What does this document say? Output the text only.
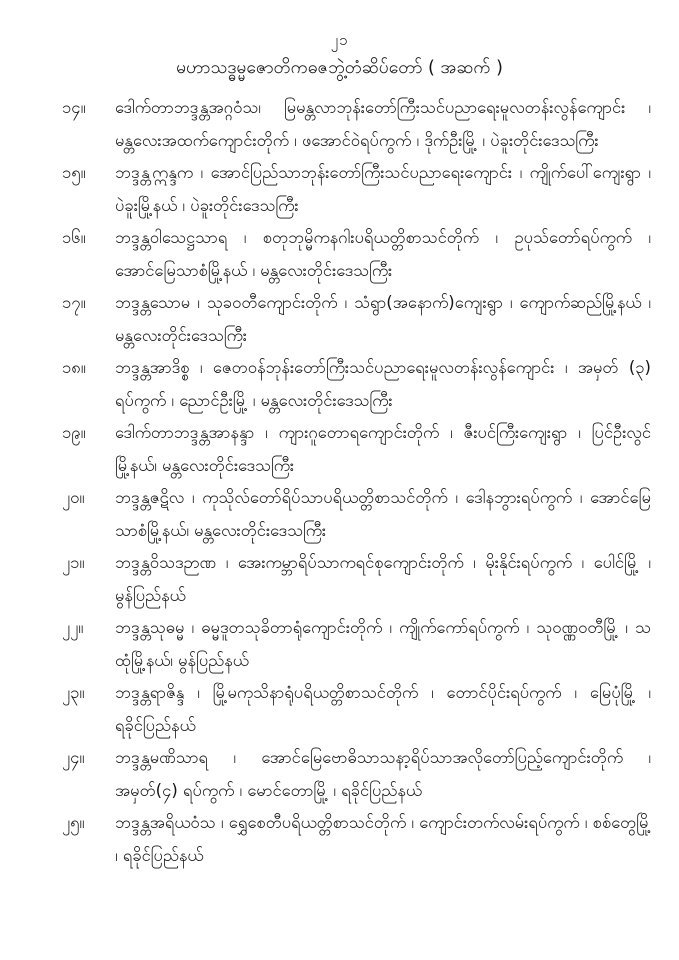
၂၁
မဟာသဒ္ဓမ္မဇောတိကဓဇဘွဲ့တံဆိပ်တော် ( အဆက် )
၁၄။	ဒေါက်တာဘဒ္ဒန္တအဂ္ဂဝံသ၊ မြမန္တလာဘုန်းတော်ကြီးသင်ပညာရေးမူလတန်းလွန်ကျောင်း ၊ မန္တလေးအထက်ကျောင်းတိုက် ၊ ဖအောင်ဝဲရပ်ကွက် ၊ ဒိုက်ဦးမြို့ ၊ ပဲခူးတိုင်းဒေသကြီး
၁၅။	ဘဒ္ဒန္တဣန္ဒက ၊ အောင်ပြည်သာဘုန်းတော်ကြီးသင်ပညာရေးကျောင်း ၊ ကျိုက်ပေါ်ကျေးရွာ ၊ ပဲခူးမြို့နယ် ၊ ပဲခူးတိုင်းဒေသကြီး
၁၆။	ဘဒ္ဒန္တဝါသေဋ္ဌသာရ ၊ စတုဘုမ္မိကနဂါးပရိယတ္တိစာသင်တိုက် ၊ ဥပုသ်တော်ရပ်ကွက် ၊ အောင်မြေသာစံမြို့နယ် ၊ မန္တလေးတိုင်းဒေသကြီး
၁၇။	ဘဒ္ဒန္တသောမ ၊ သုခဝတီကျောင်းတိုက် ၊ သံရွာ(အနောက်)ကျေးရွာ ၊ ကျောက်ဆည်မြို့နယ် ၊ မန္တလေးတိုင်းဒေသကြီး
၁၈။	ဘဒ္ဒန္တအာဒိစ္စ ၊ ဇေတဝန်ဘုန်းတော်ကြီးသင်ပညာရေးမူလတန်းလွန်ကျောင်း ၊ အမှတ် (၃) ရပ်ကွက် ၊ ညောင်ဦးမြို့ ၊ မန္တလေးတိုင်းဒေသကြီး
၁၉။	ဒေါက်တာဘဒ္ဒန္တအာနန္ဒာ ၊ ကျားဂူတောရကျောင်းတိုက် ၊ ဇီးပင်ကြီးကျေးရွာ ၊ ပြင်ဦးလွင်မြို့နယ်၊ မန္တလေးတိုင်းဒေသကြီး
၂၀။	ဘဒ္ဒန္တဇဋိလ ၊ ကုသိုလ်တော်ရိပ်သာပရိယတ္တိစာသင်တိုက် ၊ ဒေါနဘွားရပ်ကွက် ၊ အောင်မြေသာစံမြို့နယ်၊ မန္တလေးတိုင်းဒေသကြီး
၂၁။	ဘဒ္ဒန္တဝိသဒဉာဏ ၊ အေးကမ္ဘာရိပ်သာကရင်စုကျောင်းတိုက် ၊ မိုးနိုင်းရပ်ကွက် ၊ ပေါင်မြို့ ၊ မွန်ပြည်နယ်
၂၂။	ဘဒ္ဒန္တသုဓမ္မ ၊ ဓမ္မဒူတသုခိတာရုံကျောင်းတိုက် ၊ ကျိုက်ကော်ရပ်ကွက် ၊ သုဝဏ္ဏဝတီမြို့ ၊ သထုံမြို့နယ်၊ မွန်ပြည်နယ်
၂၃။	ဘဒ္ဒန္တရာဇိန္ဒ ၊ မြို့မကုသိနာရုံပရိယတ္တိစာသင်တိုက် ၊ တောင်ပိုင်းရပ်ကွက် ၊ မြေပုံမြို့ ၊ ရခိုင်ပြည်နယ်
၂၄။	ဘဒ္ဒန္တမဏိသာရ ၊ အောင်မြေဗောဓိသာသနာ့ရိပ်သာအလိုတော်ပြည့်ကျောင်းတိုက် ၊ အမှတ်(၄) ရပ်ကွက် ၊ မောင်တောမြို့ ၊ ရခိုင်ပြည်နယ်
၂၅။	ဘဒ္ဒန္တအရိယဝံသ ၊ ရွှေစေတီပရိယတ္တိစာသင်တိုက် ၊ ကျောင်းတက်လမ်းရပ်ကွက် ၊ စစ်တွေမြို့ ၊ ရခိုင်ပြည်နယ်
